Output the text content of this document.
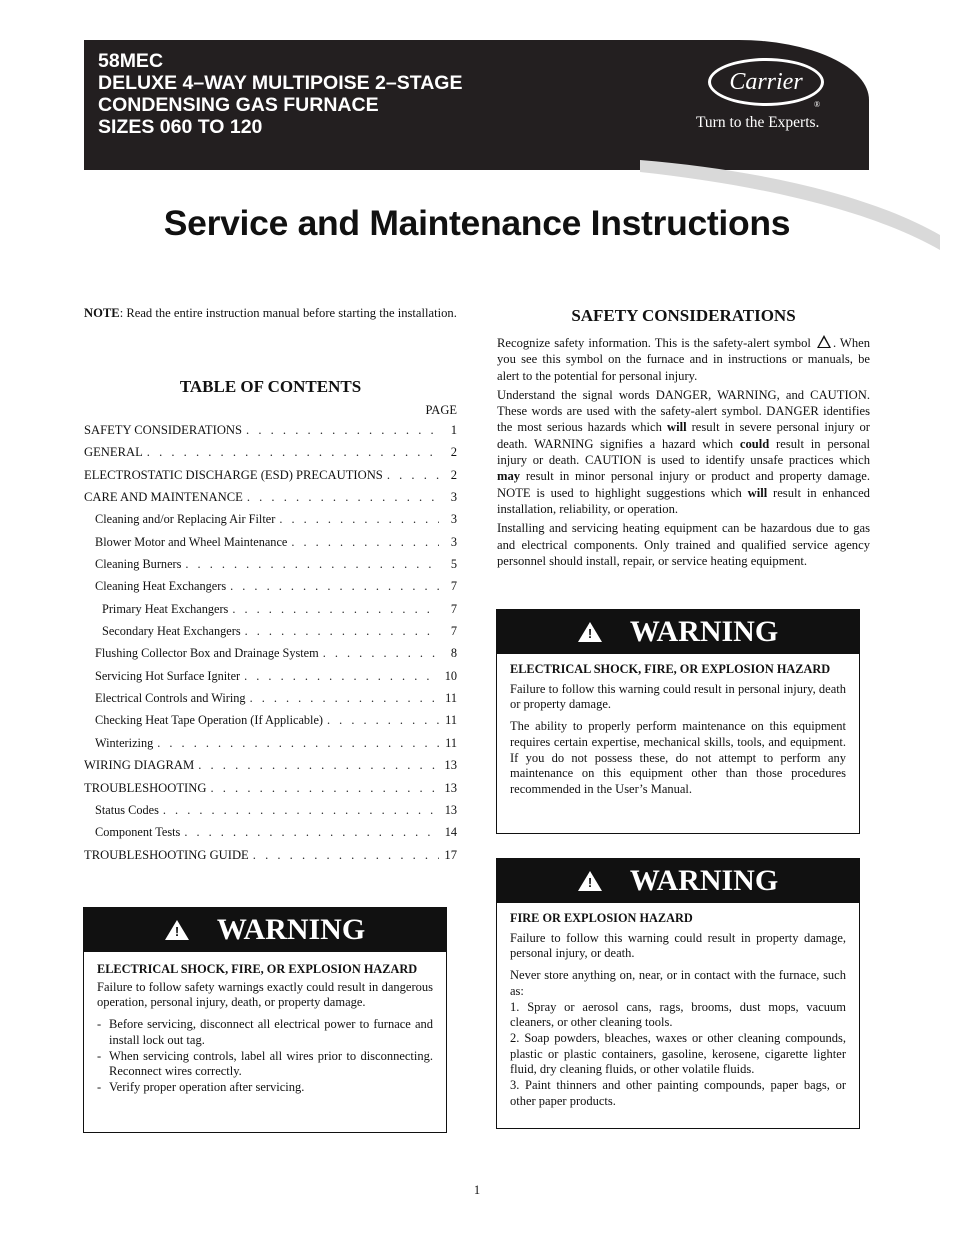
58MEC
DELUXE 4–WAY MULTIPOISE 2–STAGE
CONDENSING GAS FURNACE
SIZES 060 TO 120
Carrier
®
Turn to the Experts.
Service and Maintenance Instructions
NOTE: Read the entire instruction manual before starting the installation.
TABLE OF CONTENTS
PAGE
SAFETY CONSIDERATIONS . . .	1
GENERAL . . .	2
ELECTROSTATIC DISCHARGE (ESD) PRECAUTIONS . . .	2
CARE AND MAINTENANCE . . .	3
Cleaning and/or Replacing Air Filter . . .	3
Blower Motor and Wheel Maintenance . . .	3
Cleaning Burners . . .	5
Cleaning Heat Exchangers . . .	7
Primary Heat Exchangers . . .	7
Secondary Heat Exchangers . . .	7
Flushing Collector Box and Drainage System . . .	8
Servicing Hot Surface Igniter . . .	10
Electrical Controls and Wiring . . .	11
Checking Heat Tape Operation (If Applicable) . . .	11
Winterizing . . .	11
WIRING DIAGRAM . . .	13
TROUBLESHOOTING . . .	13
Status Codes . . .	13
Component Tests . . .	14
TROUBLESHOOTING GUIDE . . .	17
! WARNING

ELECTRICAL SHOCK, FIRE, OR EXPLOSION HAZARD

Failure to follow safety warnings exactly could result in dangerous operation, personal injury, death, or property damage.

- Before servicing, disconnect all electrical power to furnace and install lock out tag.
- When servicing controls, label all wires prior to disconnecting. Reconnect wires correctly.
- Verify proper operation after servicing.
SAFETY CONSIDERATIONS

Recognize safety information. This is the safety‐alert symbol . When you see this symbol on the furnace and in instructions or manuals, be alert to the potential for personal injury.

Understand the signal words DANGER, WARNING, and CAUTION. These words are used with the safety‐alert symbol. DANGER identifies the most serious hazards which will result in severe personal injury or death. WARNING signifies a hazard which could result in personal injury or death. CAUTION is used to identify unsafe practices which may result in minor personal injury or product and property damage. NOTE is used to highlight suggestions which will result in enhanced installation, reliability, or operation.

Installing and servicing heating equipment can be hazardous due to gas and electrical components. Only trained and qualified service agency personnel should install, repair, or service heating equipment.

! WARNING

ELECTRICAL SHOCK, FIRE, OR EXPLOSION HAZARD

Failure to follow this warning could result in personal injury, death or property damage.

The ability to properly perform maintenance on this equipment requires certain expertise, mechanical skills, tools, and equipment. If you do not possess these, do not attempt to perform any maintenance on this equipment other than those procedures recommended in the User’s Manual.

! WARNING

FIRE OR EXPLOSION HAZARD

Failure to follow this warning could result in property damage, personal injury, or death.

Never store anything on, near, or in contact with the furnace, such as:
1. Spray or aerosol cans, rags, brooms, dust mops, vacuum cleaners, or other cleaning tools.
2. Soap powders, bleaches, waxes or other cleaning compounds, plastic or plastic containers, gasoline, kerosene, cigarette lighter fluid, dry cleaning fluids, or other volatile fluids.
3. Paint thinners and other painting compounds, paper bags, or other paper products.
1
